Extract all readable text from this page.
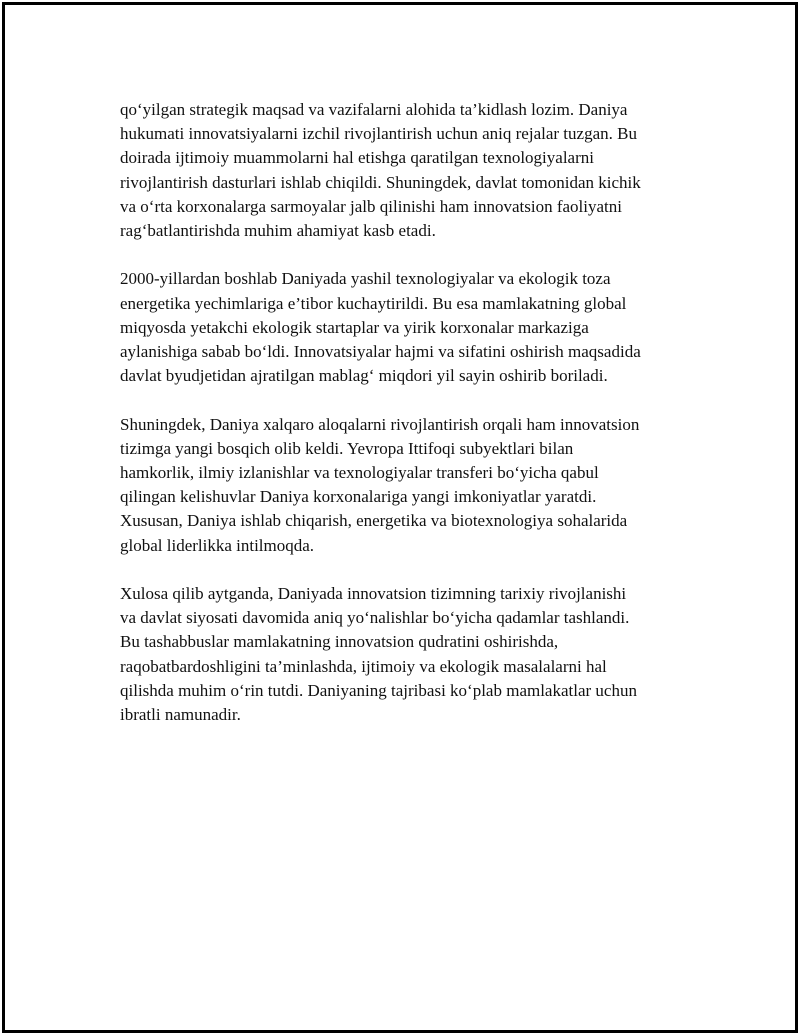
qo‘yilgan strategik maqsad va vazifalarni alohida ta’kidlash lozim. Daniya
hukumati innovatsiyalarni izchil rivojlantirish uchun aniq rejalar tuzgan. Bu
doirada ijtimoiy muammolarni hal etishga qaratilgan texnologiyalarni
rivojlantirish dasturlari ishlab chiqildi. Shuningdek, davlat tomonidan kichik
va o‘rta korxonalarga sarmoyalar jalb qilinishi ham innovatsion faoliyatni
rag‘batlantirishda muhim ahamiyat kasb etadi.

2000-yillardan boshlab Daniyada yashil texnologiyalar va ekologik toza
energetika yechimlariga e’tibor kuchaytirildi. Bu esa mamlakatning global
miqyosda yetakchi ekologik startaplar va yirik korxonalar markaziga
aylanishiga sabab bo‘ldi. Innovatsiyalar hajmi va sifatini oshirish maqsadida
davlat byudjetidan ajratilgan mablag‘ miqdori yil sayin oshirib boriladi.

Shuningdek, Daniya xalqaro aloqalarni rivojlantirish orqali ham innovatsion
tizimga yangi bosqich olib keldi. Yevropa Ittifoqi subyektlari bilan
hamkorlik, ilmiy izlanishlar va texnologiyalar transferi bo‘yicha qabul
qilingan kelishuvlar Daniya korxonalariga yangi imkoniyatlar yaratdi.
Xususan, Daniya ishlab chiqarish, energetika va biotexnologiya sohalarida
global liderlikka intilmoqda.

Xulosa qilib aytganda, Daniyada innovatsion tizimning tarixiy rivojlanishi
va davlat siyosati davomida aniq yo‘nalishlar bo‘yicha qadamlar tashlandi.
Bu tashabbuslar mamlakatning innovatsion qudratini oshirishda,
raqobatbardoshligini ta’minlashda, ijtimoiy va ekologik masalalarni hal
qilishda muhim o‘rin tutdi. Daniyaning tajribasi ko‘plab mamlakatlar uchun
ibratli namunadir.
